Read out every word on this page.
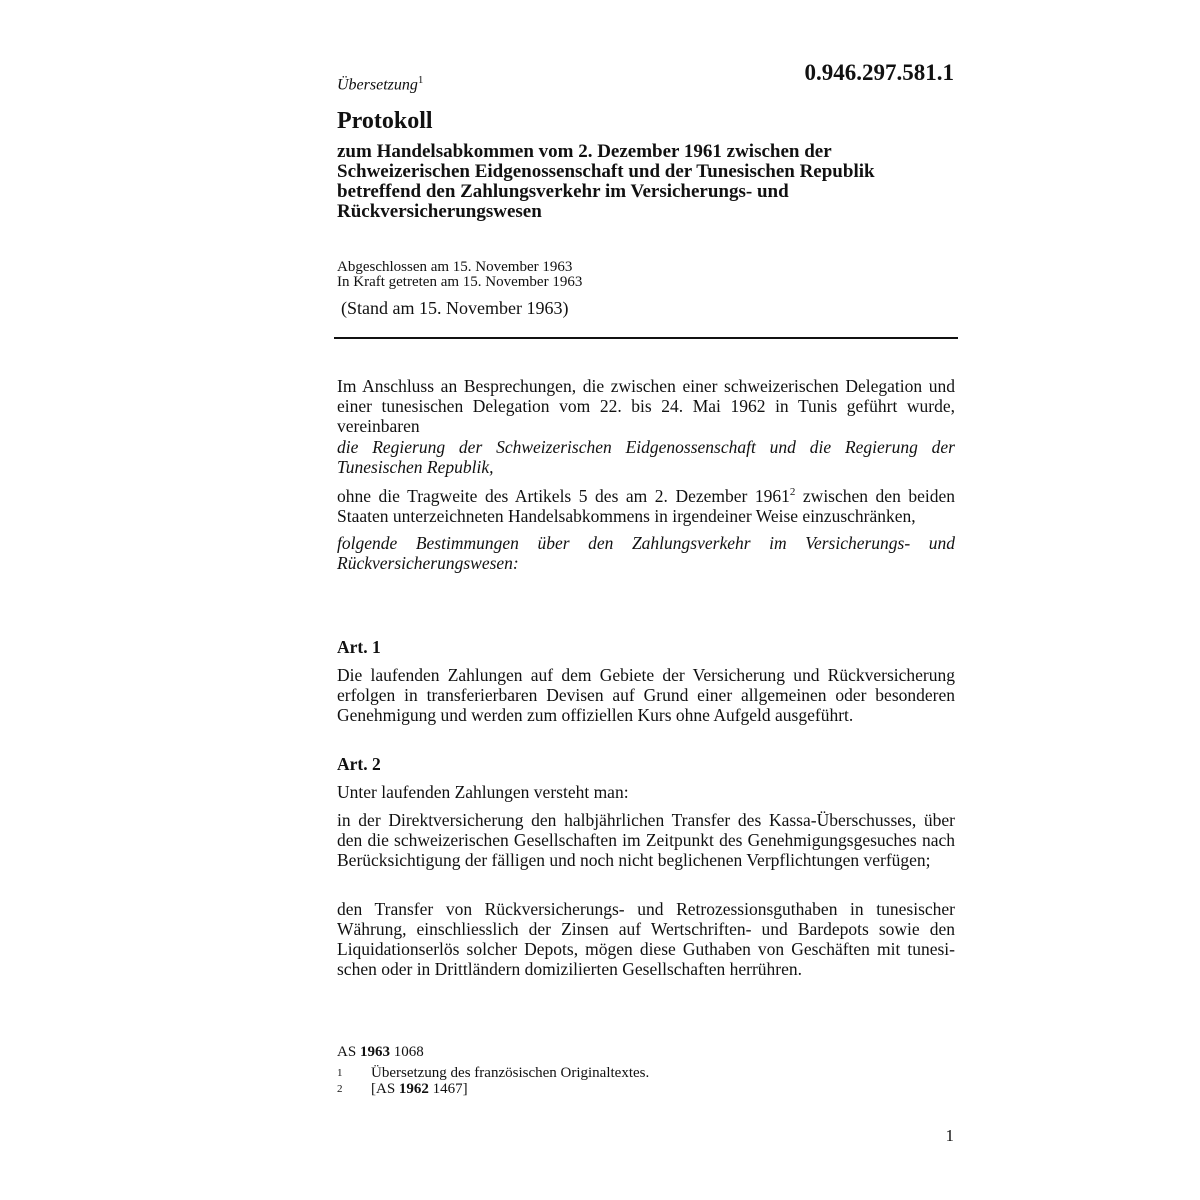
Übersetzung$^1$	0.946.297.581.1
Protokoll
zum Handelsabkommen vom 2. Dezember 1961 zwischen der
Schweizerischen Eidgenossenschaft und der Tunesischen Republik
betreffend den Zahlungsverkehr im Versicherungs- und
Rückversicherungswesen
Abgeschlossen am 15. November 1963
In Kraft getreten am 15. November 1963
(Stand am 15. November 1963)
Im Anschluss an Besprechungen, die zwischen einer schweizerischen Delegation und einer tunesischen Delegation vom 22. bis 24. Mai 1962 in Tunis geführt wurde, vereinbaren
die Regierung der Schweizerischen Eidgenossenschaft und die Regierung der Tunesischen Republik,
ohne die Tragweite des Artikels 5 des am 2. Dezember 1961$^2$ zwischen den beiden Staaten unterzeichneten Handelsabkommens in irgendeiner Weise einzuschränken,
folgende Bestimmungen über den Zahlungsverkehr im Versicherungs- und Rückversicherungswesen:
Art. 1
Die laufenden Zahlungen auf dem Gebiete der Versicherung und Rückversicherung erfolgen in transferierbaren Devisen auf Grund einer allgemeinen oder besonderen Genehmigung und werden zum offiziellen Kurs ohne Aufgeld ausgeführt.
Art. 2
Unter laufenden Zahlungen versteht man:
in der Direktversicherung den halbjährlichen Transfer des Kassa-Überschusses, über den die schweizerischen Gesellschaften im Zeitpunkt des Genehmigungsgesuches nach Berücksichtigung der fälligen und noch nicht beglichenen Verpflichtungen verfügen;
den Transfer von Rückversicherungs- und Retrozessionsguthaben in tunesischer Währung, einschliesslich der Zinsen auf Wertschriften- und Bardepots sowie den Liquidationserlös solcher Depots, mögen diese Guthaben von Geschäften mit tunesi-schen oder in Drittländern domizilierten Gesellschaften herrühren.
AS 1963 1068
1 Übersetzung des französischen Originaltextes.
2 [AS 1962 1467]
1
